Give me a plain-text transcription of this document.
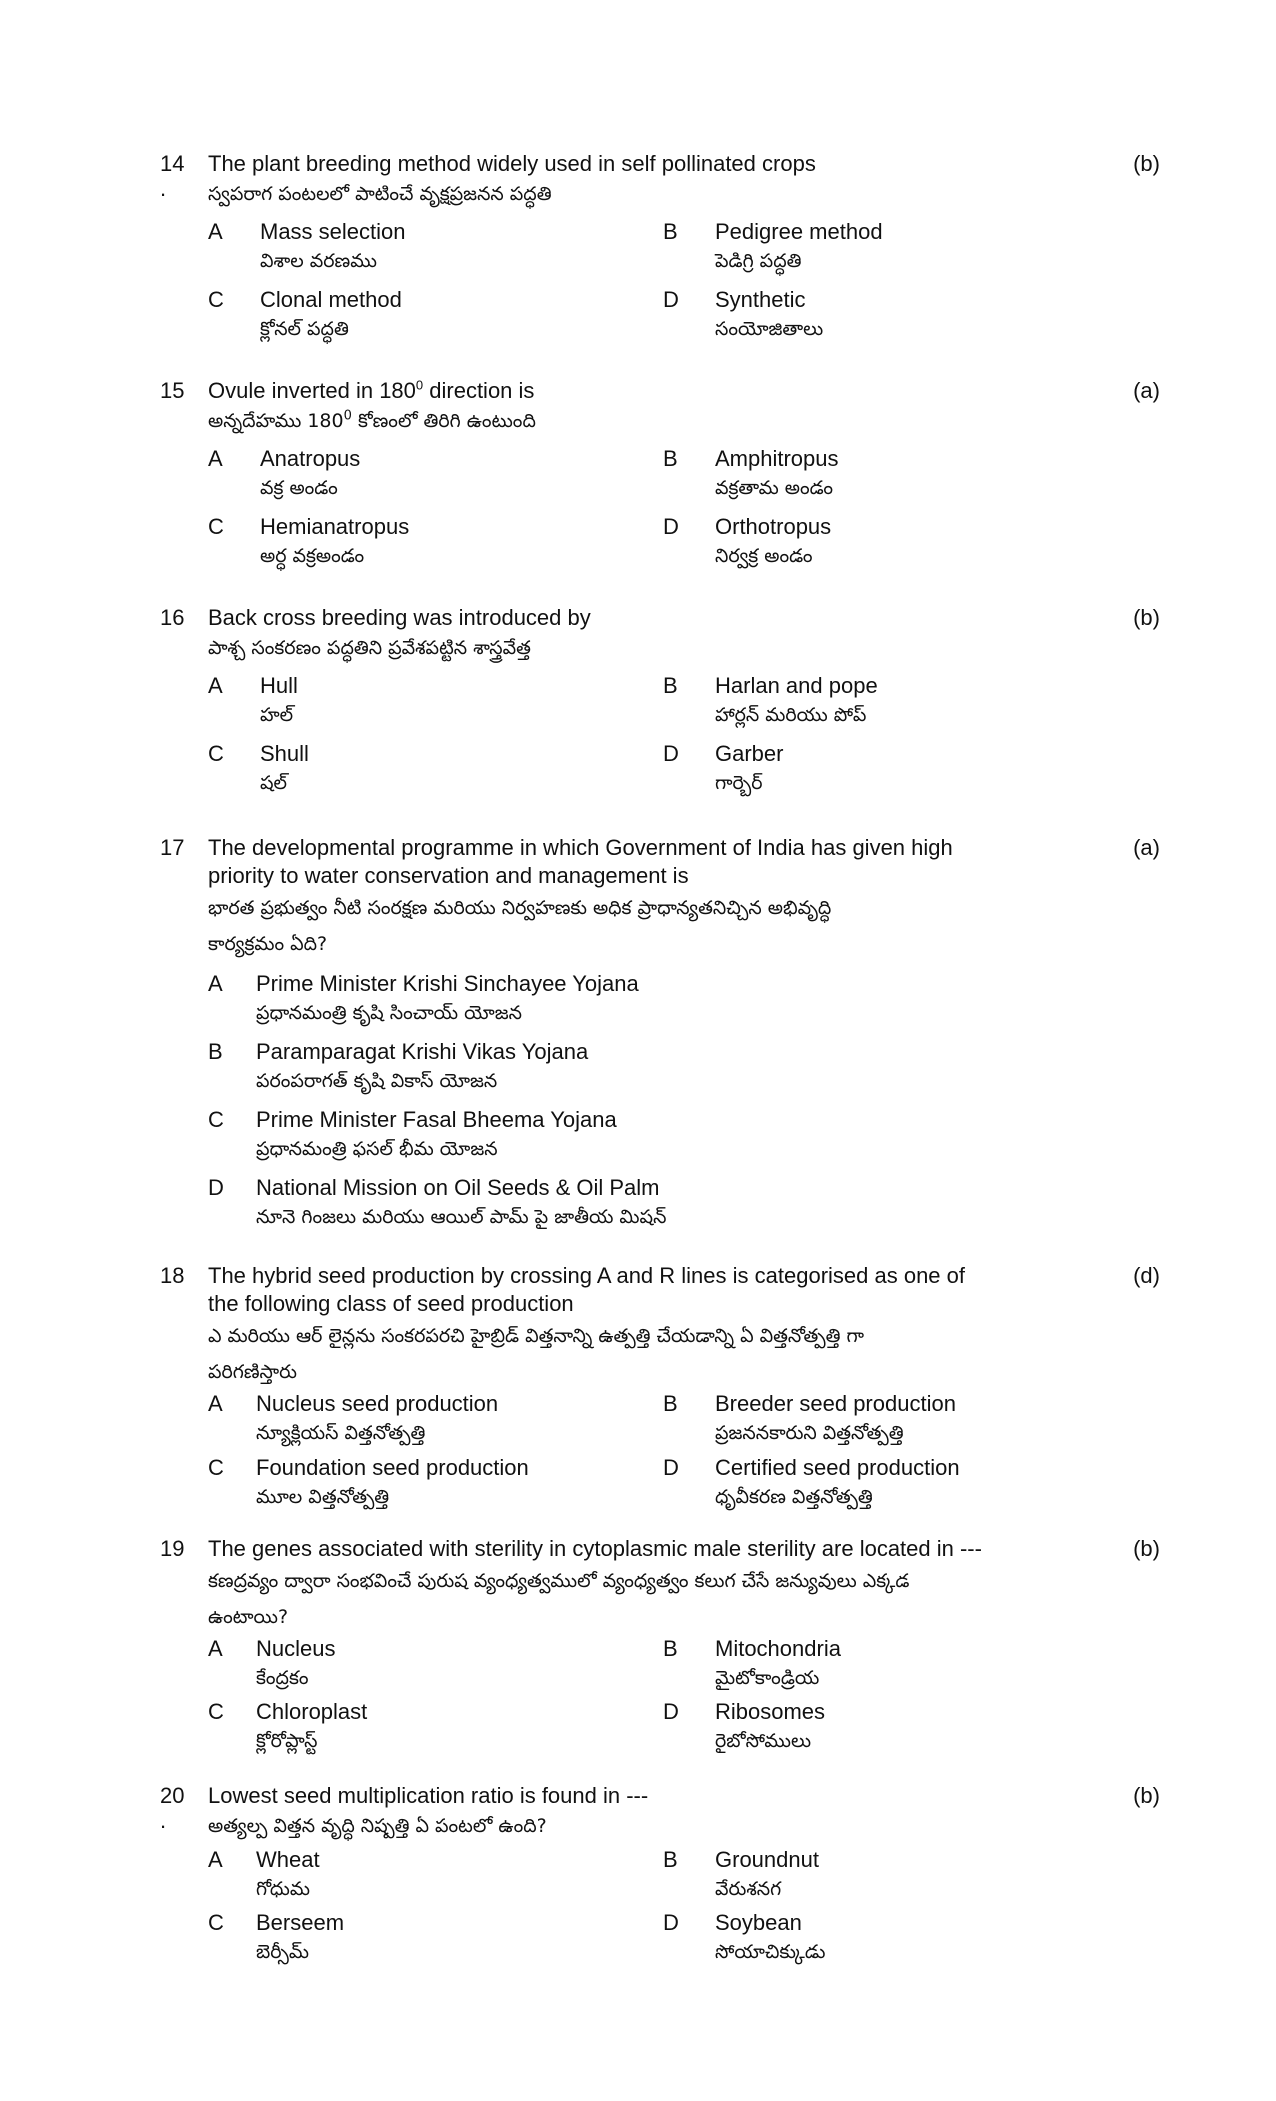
14
.
The plant breeding method widely used in self pollinated crops
స్వపరాగ పంటలలో పాటించే వృక్షప్రజనన పద్ధతి
(b)
A Mass selection
విశాల వరణము
B Pedigree method
పెడిగ్రి పద్ధతి
C Clonal method
క్లోనల్ పద్ధతి
D Synthetic
సంయోజితాలు
15 Ovule inverted in $180^0$ direction is
అన్నదేహము $180^0$ కోణంలో తిరిగి ఉంటుంది
(a)
A Anatropus
వక్ర అండం
B Amphitropus
వక్రతామ అండం
C Hemianatropus
అర్ధ వక్రఅండం
D Orthotropus
నిర్వక్ర అండం
16 Back cross breeding was introduced by
పాశ్చ సంకరణం పద్ధతిని ప్రవేశపట్టిన శాస్త్రవేత్త
(b)
A Hull
హల్
B Harlan and pope
హార్లన్ మరియు పోప్
C Shull
షల్
D Garber
గార్బెర్
17 The developmental programme in which Government of India has given high
priority to water conservation and management is
భారత ప్రభుత్వం నీటి సంరక్షణ మరియు నిర్వహణకు అధిక ప్రాధాన్యతనిచ్చిన అభివృద్ధి
కార్యక్రమం ఏది?
(a)
A Prime Minister Krishi Sinchayee Yojana
ప్రధానమంత్రి కృషి సించాయ్ యోజన
B Paramparagat Krishi Vikas Yojana
పరంపరాగత్ కృషి వికాస్ యోజన
C Prime Minister Fasal Bheema Yojana
ప్రధానమంత్రి ఫసల్ భీమ యోజన
D National Mission on Oil Seeds & Oil Palm
నూనె గింజలు మరియు ఆయిల్ పామ్ పై జాతీయ మిషన్
18 The hybrid seed production by crossing A and R lines is categorised as one of
the following class of seed production
ఎ మరియు ఆర్ లైన్లను సంకరపరచి హైబ్రిడ్ విత్తనాన్ని ఉత్పత్తి చేయడాన్ని ఏ విత్తనోత్పత్తి గా
పరిగణిస్తారు
(d)
A Nucleus seed production
న్యూక్లియస్ విత్తనోత్పత్తి
B Breeder seed production
ప్రజననకారుని విత్తనోత్పత్తి
C Foundation seed production
మూల విత్తనోత్పత్తి
D Certified seed production
ధృవీకరణ విత్తనోత్పత్తి
19 The genes associated with sterility in cytoplasmic male sterility are located in ---
కణద్రవ్యం ద్వారా సంభవించే పురుష వ్యంధ్యత్వములో వ్యంధ్యత్వం కలుగ చేసే జన్యువులు ఎక్కడ
ఉంటాయి?
(b)
A Nucleus
కేంద్రకం
B Mitochondria
మైటోకాండ్రియ
C Chloroplast
క్లోరోప్లాస్ట్
D Ribosomes
రైబోసోములు
20
.
Lowest seed multiplication ratio is found in ---
అత్యల్ప విత్తన వృద్ధి నిష్పత్తి ఏ పంటలో ఉంది?
(b)
A Wheat
గోధుమ
B Groundnut
వేరుశనగ
C Berseem
బెర్సీమ్
D Soybean
సోయాచిక్కుడు
